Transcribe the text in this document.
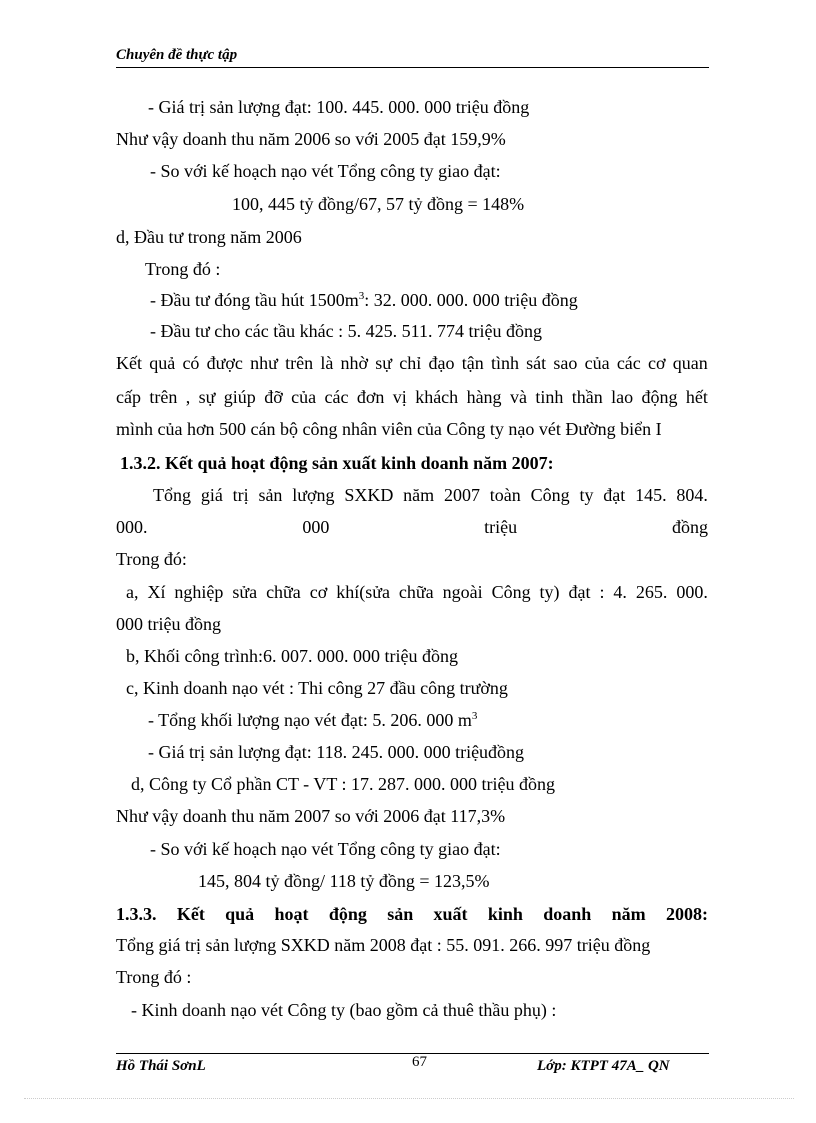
Chuyên đề thực tập
- Giá trị sản lượng đạt: 100. 445. 000. 000 triệu đồng
Như vậy doanh thu năm 2006 so với 2005 đạt 159,9%
- So với kế hoạch nạo vét Tổng công ty giao đạt:
100, 445 tỷ đồng/67, 57 tỷ đồng = 148%
d, Đầu tư trong năm 2006
Trong đó :
- Đầu tư đóng tầu hút $1500m^3$: 32. 000. 000. 000 triệu đồng
- Đầu tư cho các tầu khác : 5. 425. 511. 774 triệu đồng
Kết quả có được như trên là nhờ sự chỉ đạo tận tình sát sao của các cơ quan
cấp trên , sự giúp đỡ của các đơn vị khách hàng và tinh thần lao động hết
mình của hơn 500 cán bộ công nhân viên của Công ty nạo vét Đường biển I
1.3.2. Kết quả hoạt động sản xuất kinh doanh năm 2007:
Tổng giá trị sản lượng SXKD năm 2007 toàn Công ty đạt 145. 804.
000.	000	triệu	đồng
Trong đó:
a, Xí nghiệp sửa chữa cơ khí(sửa chữa ngoài Công ty) đạt : 4. 265. 000.
000 triệu đồng
b, Khối công trình:6. 007. 000. 000 triệu đồng
c, Kinh doanh nạo vét : Thi công 27 đầu công trường
- Tổng khối lượng nạo vét đạt: 5. 206. 000 $m^3$
- Giá trị sản lượng đạt: 118. 245. 000. 000 triệuđồng
d, Công ty Cổ phần CT - VT : 17. 287. 000. 000 triệu đồng
Như vậy doanh thu năm 2007 so với 2006 đạt 117,3%
- So với kế hoạch nạo vét Tổng công ty giao đạt:
145, 804 tỷ đồng/ 118 tỷ đồng = 123,5%
1.3.3. Kết quả hoạt động sản xuất kinh doanh năm 2008:
Tổng giá trị sản lượng SXKD năm 2008 đạt : 55. 091. 266. 997 triệu đồng
Trong đó :
- Kinh doanh nạo vét Công ty (bao gồm cả thuê thầu phụ) :
Hồ Thái SơnL	67	Lớp: KTPT 47A_ QN
